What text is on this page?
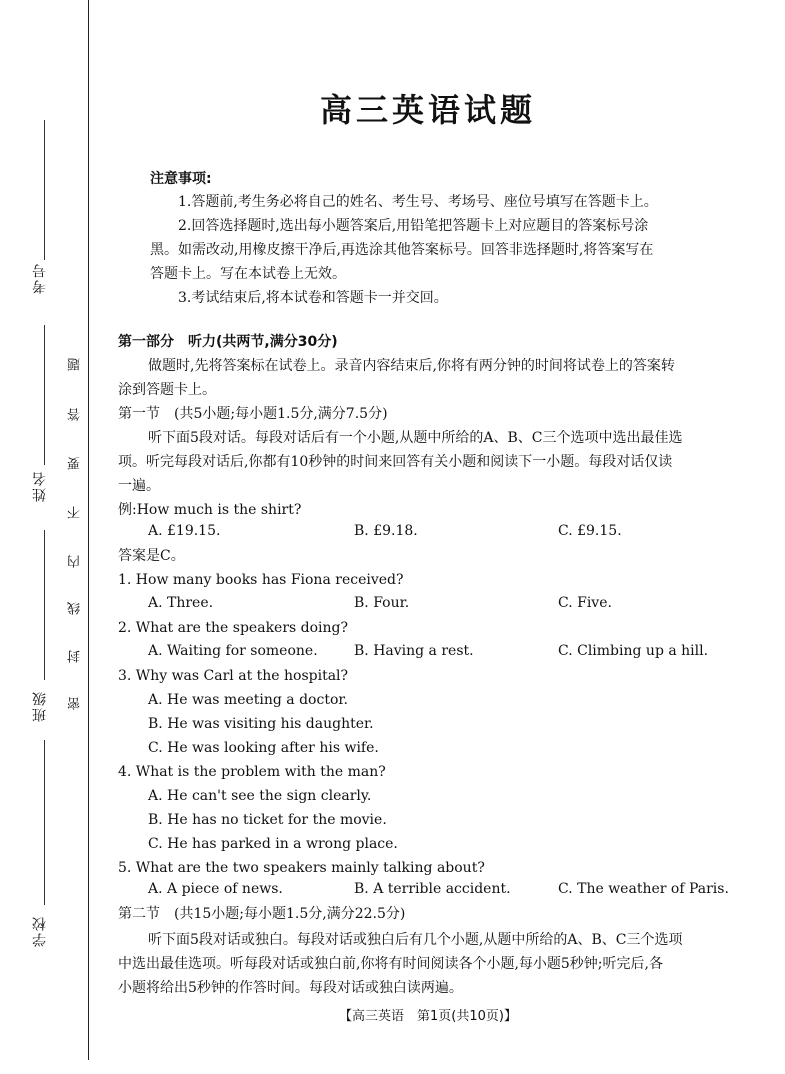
考号
姓名
班级
学校
题
答
要
不
内
线
封
密
高三英语试题
注意事项:
1.答题前,考生务必将自己的姓名、考生号、考场号、座位号填写在答题卡上。
2.回答选择题时,选出每小题答案后,用铅笔把答题卡上对应题目的答案标号涂
黑。如需改动,用橡皮擦干净后,再选涂其他答案标号。回答非选择题时,将答案写在
答题卡上。写在本试卷上无效。
3.考试结束后,将本试卷和答题卡一并交回。
第一部分　听力(共两节,满分30分)
做题时,先将答案标在试卷上。录音内容结束后,你将有两分钟的时间将试卷上的答案转
涂到答题卡上。
第一节　(共5小题;每小题1.5分,满分7.5分)
听下面5段对话。每段对话后有一个小题,从题中所给的A、B、C三个选项中选出最佳选
项。听完每段对话后,你都有10秒钟的时间来回答有关小题和阅读下一小题。每段对话仅读
一遍。
例:How much is the shirt?
A. £19.15.	B. £9.18.	C. £9.15.
答案是C。
1. How many books has Fiona received?
A. Three.	B. Four.	C. Five.
2. What are the speakers doing?
A. Waiting for someone.	B. Having a rest.	C. Climbing up a hill.
3. Why was Carl at the hospital?
A. He was meeting a doctor.
B. He was visiting his daughter.
C. He was looking after his wife.
4. What is the problem with the man?
A. He can't see the sign clearly.
B. He has no ticket for the movie.
C. He has parked in a wrong place.
5. What are the two speakers mainly talking about?
A. A piece of news.	B. A terrible accident.	C. The weather of Paris.
第二节　(共15小题;每小题1.5分,满分22.5分)
听下面5段对话或独白。每段对话或独白后有几个小题,从题中所给的A、B、C三个选项
中选出最佳选项。听每段对话或独白前,你将有时间阅读各个小题,每小题5秒钟;听完后,各
小题将给出5秒钟的作答时间。每段对话或独白读两遍。
【高三英语　第1页(共10页)】
